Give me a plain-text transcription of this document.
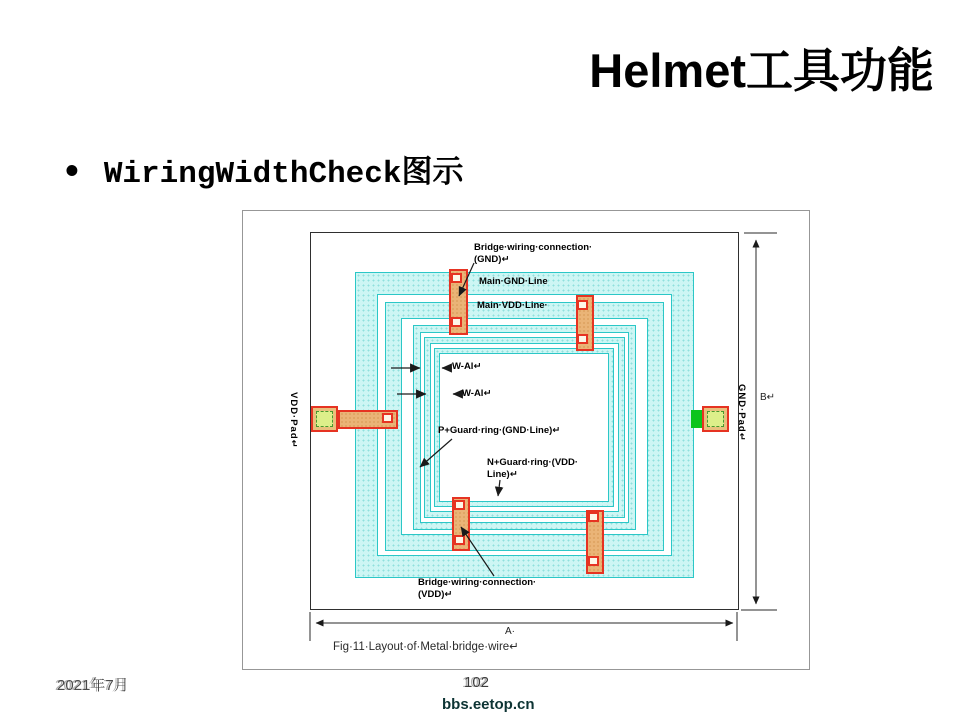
Helmet工具功能
• WiringWidthCheck图示
Bridge·wiring·connection·
(GND)↵
Main·GND·Line
Main·VDD·Line·
W-Al↵
W-Al↵
P+Guard·ring·(GND·Line)↵
N+Guard·ring·(VDD·
Line)↵
Bridge·wiring·connection·
(VDD)↵
VDD·Pad↵	GND·Pad↵
A·
B↵
Fig·11·Layout·of·Metal·bridge·wire↵
2021年7月	102
bbs.eetop.cn
